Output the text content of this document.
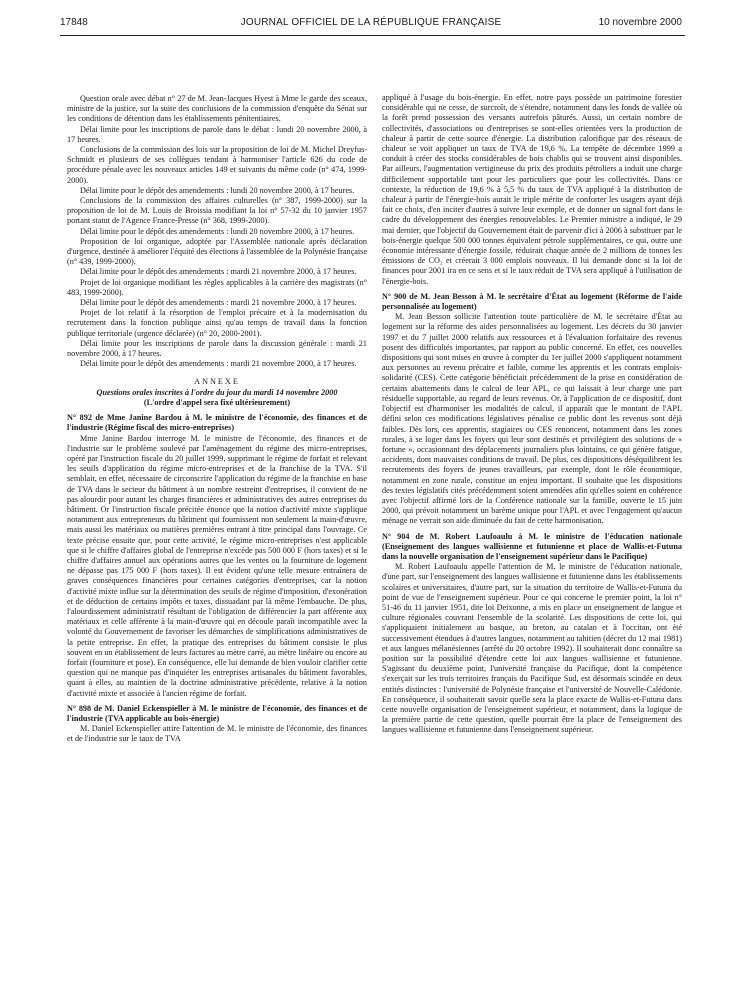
17848	JOURNAL OFFICIEL DE LA RÉPUBLIQUE FRANÇAISE	10 novembre 2000

Question orale avec débat n° 27 de M. Jean-Jacques Hyest à Mme le garde des sceaux, ministre de la justice, sur la suite des conclusions de la commission d'enquête du Sénat sur les conditions de détention dans les établissements pénitentiaires.

Délai limite pour les inscriptions de parole dans le débat : lundi 20 novembre 2000, à 17 heures.

Conclusions de la commission des lois sur la proposition de loi de M. Michel Dreyfus-Schmidt et plusieurs de ses collègues tendant à harmoniser l'article 626 du code de procédure pénale avec les nouveaux articles 149 et suivants du même code (n° 474, 1999-2000).

Délai limite pour le dépôt des amendements : lundi 20 novembre 2000, à 17 heures.

Conclusions de la commission des affaires culturelles (n° 387, 1999-2000) sur la proposition de loi de M. Louis de Broissia modifiant la loi n° 57-32 du 10 janvier 1957 portant statut de l'Agence France-Presse (n° 368, 1999-2000).

Délai limite pour le dépôt des amendements : lundi 20 novembre 2000, à 17 heures.

Proposition de loi organique, adoptée par l'Assemblée nationale après déclaration d'urgence, destinée à améliorer l'équité des élections à l'assemblée de la Polynésie française (n° 439, 1999-2000).

Délai limite pour le dépôt des amendements : mardi 21 novembre 2000, à 17 heures.

Projet de loi organique modifiant les règles applicables à la carrière des magistrats (n° 483, 1999-2000).

Délai limite pour le dépôt des amendements : mardi 21 novembre 2000, à 17 heures.

Projet de loi relatif à la résorption de l'emploi précaire et à la modernisation du recrutement dans la fonction publique ainsi qu'au temps de travail dans la fonction publique territoriale (urgence déclarée) (n° 20, 2000-2001).

Délai limite pour les inscriptions de parole dans la discussion générale : mardi 21 novembre 2000, à 17 heures.

Délai limite pour le dépôt des amendements : mardi 21 novembre 2000, à 17 heures.

ANNEXE

Questions orales inscrites à l'ordre du jour du mardi 14 novembre 2000

(L'ordre d'appel sera fixé ultérieurement)

N° 892 de Mme Janine Bardou à M. le ministre de l'économie, des finances et de l'industrie (Régime fiscal des micro-entreprises)

Mme Janine Bardou interroge M. le ministre de l'économie, des finances et de l'industrie sur le problème soulevé par l'aménagement du régime des micro-entreprises, opéré par l'instruction fiscale du 20 juillet 1999, supprimant le régime de forfait et relevant les seuils d'application du régime micro-entreprises et de la franchise de la TVA. S'il semblait, en effet, nécessaire de circonscrire l'application du régime de la franchise en base de TVA dans le secteur du bâtiment à un nombre restreint d'entreprises, il convient de ne pas alourdir pour autant les charges financières et administratives des autres entreprises du bâtiment. Or l'instruction fiscale précitée énonce que la notion d'activité mixte s'applique notamment aux entrepreneurs du bâtiment qui fournissent non seulement la main-d'œuvre, mais aussi les matériaux ou matières premières entrant à titre principal dans l'ouvrage. Ce texte précise ensuite que, pour cette activité, le régime micro-entreprises n'est applicable que si le chiffre d'affaires global de l'entreprise n'excède pas 500 000 F (hors taxes) et si le chiffre d'affaires annuel aux opérations autres que les ventes ou la fourniture de logement ne dépasse pas 175 000 F (hors taxes). Il est évident qu'une telle mesure entraînera de graves conséquences financières pour certaines catégories d'entreprises, car la notion d'activité mixte influe sur la détermination des seuils de régime d'imposition, d'exonération et de déduction de certains impôts et taxes, dissuadant par là même l'embauche. De plus, l'alourdissement administratif résultant de l'obligation de différencier la part afférente aux matériaux et celle afférente à la main-d'œuvre qui en découle paraît incompatible avec la volonté du Gouvernement de favoriser les démarches de simplifications administratives de la petite entreprise. En effet, la pratique des entreprises du bâtiment consiste le plus souvent en un établissement de leurs factures au mètre carré, au mètre linéaire ou encore au forfait (fourniture et pose). En conséquence, elle lui demande de bien vouloir clarifier cette question qui ne manque pas d'inquiéter les entreprises artisanales du bâtiment favorables, quant à elles, au maintien de la doctrine administrative précédente, relative à la notion d'activité mixte et associée à l'ancien régime de forfait.

N° 898 de M. Daniel Eckenspieller à M. le ministre de l'économie, des finances et de l'industrie (TVA applicable au bois-énergie)

M. Daniel Eckenspieller attire l'attention de M. le ministre de l'économie, des finances et de l'industrie sur le taux de TVA

appliqué à l'usage du bois-énergie. En effet, notre pays possède un patrimoine forestier considérable qui ne cesse, de surcroît, de s'étendre, notamment dans les fonds de vallée où la forêt prend possession des versants autrefois pâturés. Aussi, un certain nombre de collectivités, d'associations ou d'entreprises se sont-elles orientées vers la production de chaleur à partir de cette source d'énergie. La distribution calorifique par des réseaux de chaleur se voit appliquer un taux de TVA de 19,6 %. La tempête de décembre 1999 a conduit à créer des stocks considérables de bois chablis qui se trouvent ainsi disponibles. Par ailleurs, l'augmentation vertigineuse du prix des produits pétroliers a induit une charge difficilement supportable tant pour les particuliers que pour les collectivités. Dans ce contexte, la réduction de 19,6 % à 5,5 % du taux de TVA appliqué à la distribution de chaleur à partir de l'énergie-bois aurait le triple mérite de conforter les usagers ayant déjà fait ce choix, d'en inciter d'autres à suivre leur exemple, et de donner un signal fort dans le cadre du développement des énergies renouvelables. Le Premier ministre a indiqué, le 29 mai dernier, que l'objectif du Gouvernement était de parvenir d'ici à 2006 à substituer par le bois-énergie quelque 500 000 tonnes équivalent pétrole supplémentaires, ce qui, outre une économie intéressante d'énergie fossile, réduirait chaque année de 2 millions de tonnes les émissions de CO₂ et créerait 3 000 emplois nouveaux. Il lui demande donc si la loi de finances pour 2001 ira en ce sens et si le taux réduit de TVA sera appliqué à l'utilisation de l'énergie-bois.

N° 900 de M. Jean Besson à M. le secrétaire d'État au logement (Réforme de l'aide personnalisée au logement)

M. Jean Besson sollicite l'attention toute particulière de M. le secrétaire d'État au logement sur la réforme des aides personnalisées au logement. Les décrets du 30 janvier 1997 et du 7 juillet 2000 relatifs aux ressources et à l'évaluation forfaitaire des revenus posent des difficultés importantes, par rapport au public concerné. En effet, ces nouvelles dispositions qui sont mises en œuvre à compter du 1er juillet 2000 s'appliquent notamment aux personnes au revenu précaire et faible, comme les apprentis et les contrats emplois-solidarité (CES). Cette catégorie bénéficiait précédemment de la prise en considération de certains abattements dans le calcul de leur APL, ce qui laissait à leur charge une part résiduelle supportable, au regard de leurs revenus. Or, à l'application de ce dispositif, dont l'objectif est d'harmoniser les modalités de calcul, il apparaît que le montant de l'APL défini selon ces modifications législatives pénalise ce public dont les revenus sont déjà faibles. Dès lors, ces apprentis, stagiaires ou CES renoncent, notamment dans les zones rurales, à se loger dans les foyers qui leur sont destinés et privilégient des solutions de « fortune », occasionnant des déplacements journaliers plus lointains, ce qui génère fatigue, accidents, dont mauvaises conditions de travail. De plus, ces dispositions déséquilibrent les recrutements des foyers de jeunes travailleurs, par exemple, dont le rôle économique, notamment en zone rurale, constitue un enjeu important. Il souhaite que les dispositions des textes législatifs cités précédemment soient amendées afin qu'elles soient en cohérence avec l'objectif affirmé lors de la Conférence nationale sur la famille, ouverte le 15 juin 2000, qui prévoit notamment un barème unique pour l'APL et avec l'engagement qu'aucun ménage ne verrait son aide diminuée du fait de cette harmonisation.

N° 904 de M. Robert Laufoaulu à M. le ministre de l'éducation nationale (Enseignement des langues wallisienne et futunienne et place de Wallis-et-Futuna dans la nouvelle organisation de l'enseignement supérieur dans le Pacifique)

M. Robert Laufoaulu appelle l'attention de M. le ministre de l'éducation nationale, d'une part, sur l'enseignement des langues wallisienne et futunienne dans les établissements scolaires et universitaires, d'autre part, sur la situation du territoire de Wallis-et-Futuna du point de vue de l'enseignement supérieur. Pour ce qui concerne le premier point, la loi n° 51-46 du 11 janvier 1951, dite loi Deixonne, a mis en place un enseignement de langue et culture régionales couvrant l'ensemble de la scolarité. Les dispositions de cette loi, qui s'appliquaient initialement au basque, au breton, au catalan et à l'occitan, ont été successivement étendues à d'autres langues, notamment au tahitien (décret du 12 mai 1981) et aux langues mélanésiennes (arrêté du 20 octobre 1992). Il souhaiterait donc connaître sa position sur la possibilité d'étendre cette loi aux langues wallisienne et futunienne. S'agissant du deuxième point, l'université française du Pacifique, dont la compétence s'exerçait sur les trois territoires français du Pacifique Sud, est désormais scindée en deux entités distinctes : l'université de Polynésie française et l'université de Nouvelle-Calédonie. En conséquence, il souhaiterait savoir quelle sera la place exacte de Wallis-et-Futuna dans cette nouvelle organisation de l'enseignement supérieur, et notamment, dans la logique de la première partie de cette question, quelle pourrait être la place de l'enseignement des langues wallisienne et futunienne dans l'enseignement supérieur.
